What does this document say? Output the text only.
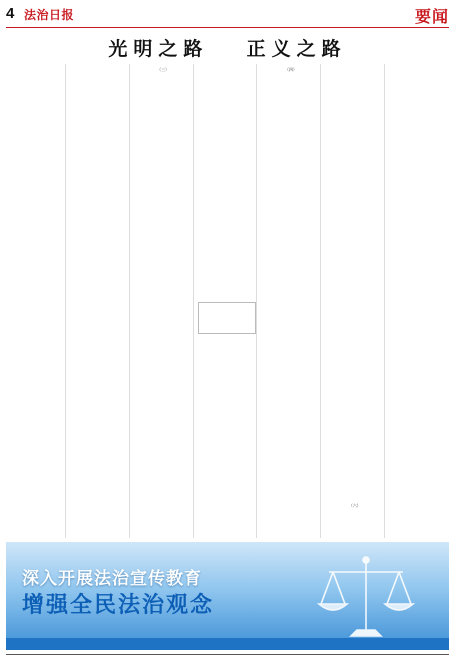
4 法治日报	要闻
光明之路 正义之路
（三）	（四）
（六）
深入开展法治宣传教育
增强全民法治观念
